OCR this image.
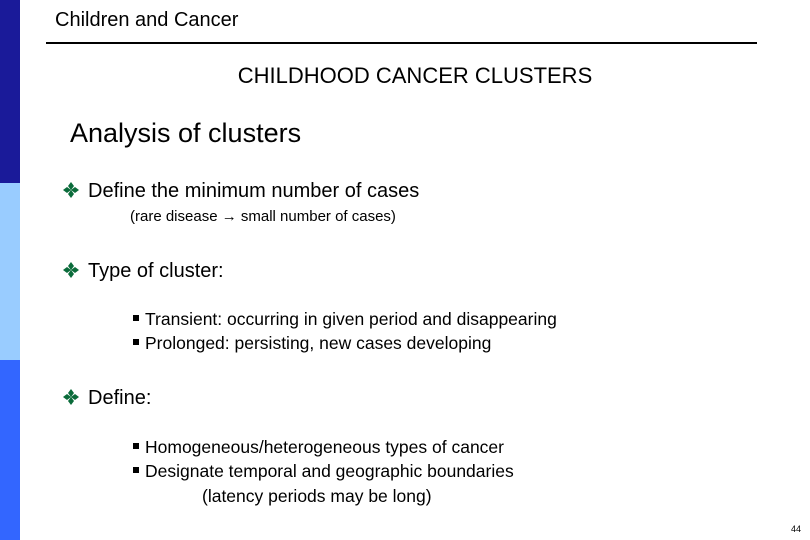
Children and Cancer
CHILDHOOD CANCER CLUSTERS
Analysis of clusters
Define the minimum number of cases
(rare disease → small number of cases)
Type of cluster:
Transient: occurring in given period and disappearing
Prolonged: persisting, new cases developing
Define:
Homogeneous/heterogeneous types of cancer
Designate temporal and geographic boundaries
(latency periods may be long)
44
